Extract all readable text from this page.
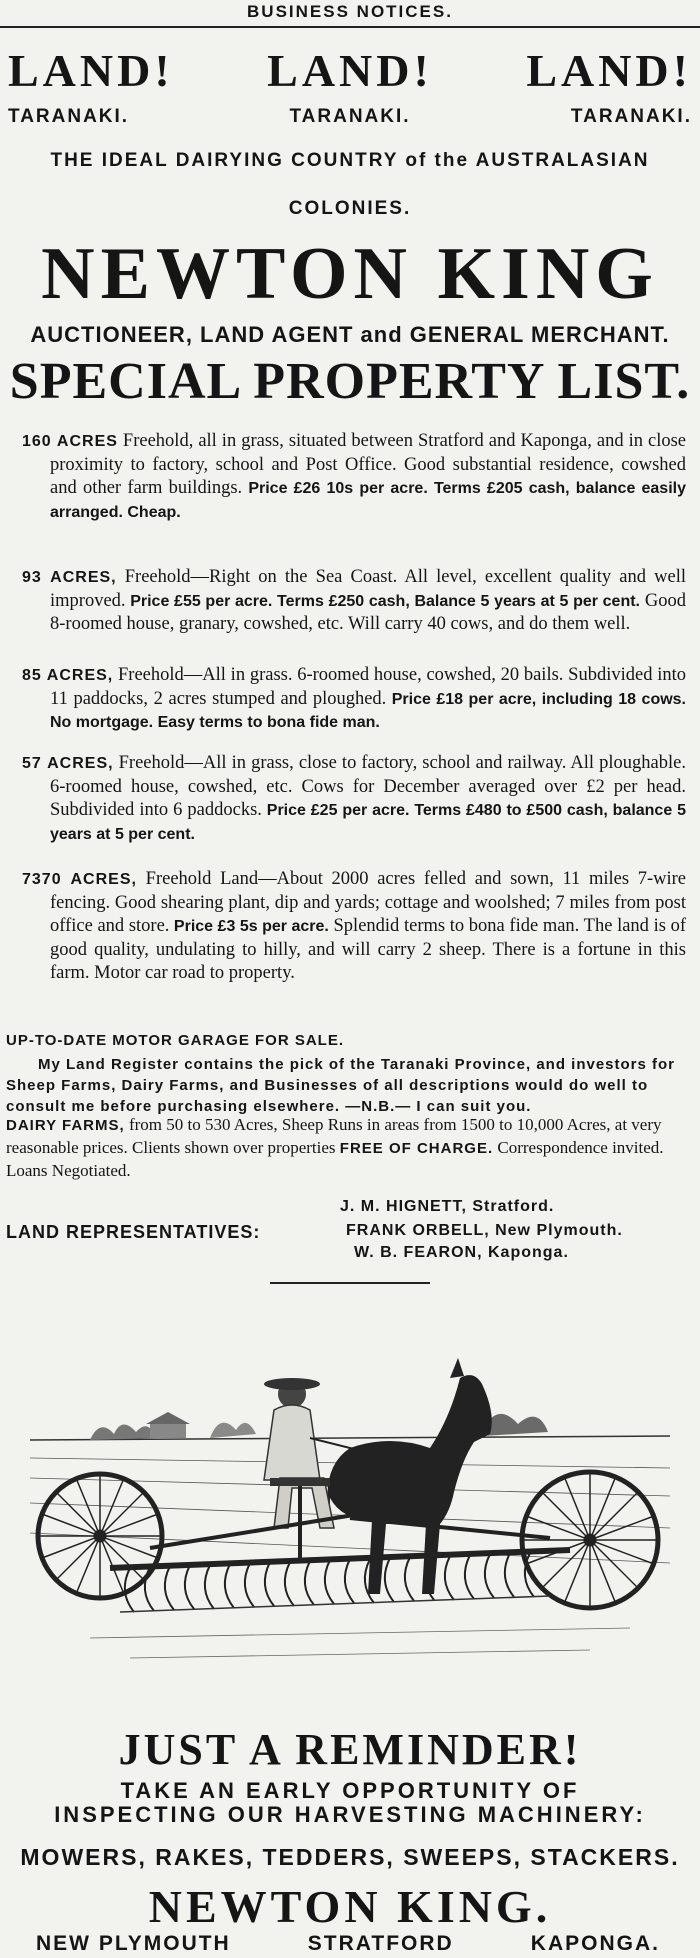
BUSINESS NOTICES.
LAND! LAND! LAND!
TARANAKI.	TARANAKI.	TARANAKI.
THE IDEAL DAIRYING COUNTRY of the AUSTRALASIAN
COLONIES.
NEWTON KING
AUCTIONEER, LAND AGENT and GENERAL MERCHANT.
SPECIAL PROPERTY LIST.
160 ACRES Freehold, all in grass, situated between Stratford and Kaponga, and in close proximity to factory, school and Post Office. Good substantial residence, cowshed and other farm buildings. Price £26 10s per acre. Terms £205 cash, balance easily arranged. Cheap.
93 ACRES, Freehold—Right on the Sea Coast. All level, excellent quality and well improved. Price £55 per acre. Terms £250 cash, Balance 5 years at 5 per cent. Good 8-roomed house, granary, cowshed, etc. Will carry 40 cows, and do them well.
85 ACRES, Freehold—All in grass. 6-roomed house, cowshed, 20 bails. Subdivided into 11 paddocks, 2 acres stumped and ploughed. Price £18 per acre, including 18 cows. No mortgage. Easy terms to bona fide man.
57 ACRES, Freehold—All in grass, close to factory, school and railway. All ploughable. 6-roomed house, cowshed, etc. Cows for December averaged over £2 per head. Subdivided into 6 paddocks. Price £25 per acre. Terms £480 to £500 cash, balance 5 years at 5 per cent.
7370 ACRES, Freehold Land—About 2000 acres felled and sown, 11 miles 7-wire fencing. Good shearing plant, dip and yards; cottage and woolshed; 7 miles from post office and store. Price £3 5s per acre. Splendid terms to bona fide man. The land is of good quality, undulating to hilly, and will carry 2 sheep. There is a fortune in this farm. Motor car road to property.
UP-TO-DATE MOTOR GARAGE FOR SALE.
My Land Register contains the pick of the Taranaki Province, and investors for Sheep Farms, Dairy Farms, and Businesses of all descriptions would do well to consult me before purchasing elsewhere. —N.B.— I can suit you.
DAIRY FARMS, from 50 to 530 Acres, Sheep Runs in areas from 1500 to 10,000 Acres, at very reasonable prices. Clients shown over properties FREE OF CHARGE. Correspondence invited. Loans Negotiated.
J. M. HIGNETT, Stratford.
LAND REPRESENTATIVES:	FRANK ORBELL, New Plymouth.
W. B. FEARON, Kaponga.
JUST A REMINDER!
TAKE AN EARLY OPPORTUNITY OF
INSPECTING OUR HARVESTING MACHINERY:
MOWERS, RAKES, TEDDERS, SWEEPS, STACKERS.
NEWTON KING.
NEW PLYMOUTH	STRATFORD	KAPONGA.
